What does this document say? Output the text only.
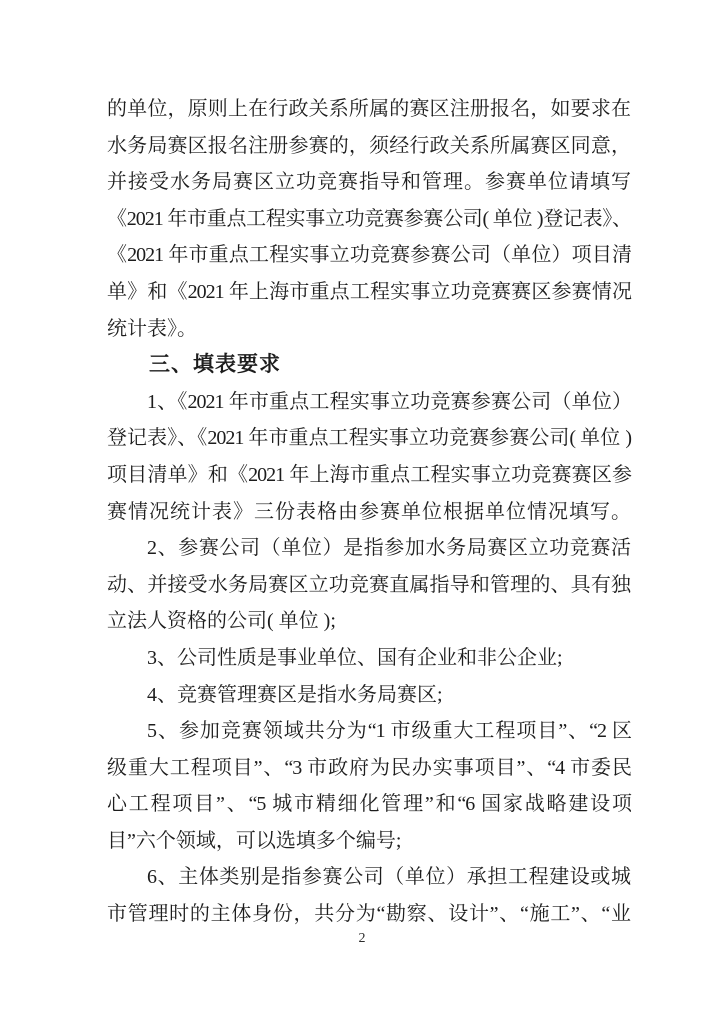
的单位，原则上在行政关系所属的赛区注册报名，如要求在
水务局赛区报名注册参赛的，须经行政关系所属赛区同意，
并接受水务局赛区立功竞赛指导和管理。参赛单位请填写
《2021 年市重点工程实事立功竞赛参赛公司( 单位 )登记表》、
《2021 年市重点工程实事立功竞赛参赛公司（单位）项目清
单》和《2021 年上海市重点工程实事立功竞赛赛区参赛情况
统计表》。
三、填表要求
1、《2021 年市重点工程实事立功竞赛参赛公司（单位）
登记表》、《2021 年市重点工程实事立功竞赛参赛公司( 单位 )
项目清单》和《2021 年上海市重点工程实事立功竞赛赛区参
赛情况统计表》三份表格由参赛单位根据单位情况填写。
2、参赛公司（单位）是指参加水务局赛区立功竞赛活
动、并接受水务局赛区立功竞赛直属指导和管理的、具有独
立法人资格的公司( 单位 );
3、公司性质是事业单位、国有企业和非公企业;
4、竞赛管理赛区是指水务局赛区;
5、参加竞赛领域共分为“1 市级重大工程项目”、“2 区
级重大工程项目”、“3 市政府为民办实事项目”、“4 市委民
心工程项目”、“5 城市精细化管理”和“6 国家战略建设项
目”六个领域，可以选填多个编号;
6、主体类别是指参赛公司（单位）承担工程建设或城
市管理时的主体身份，共分为“勘察、设计”、“施工”、“业
2
